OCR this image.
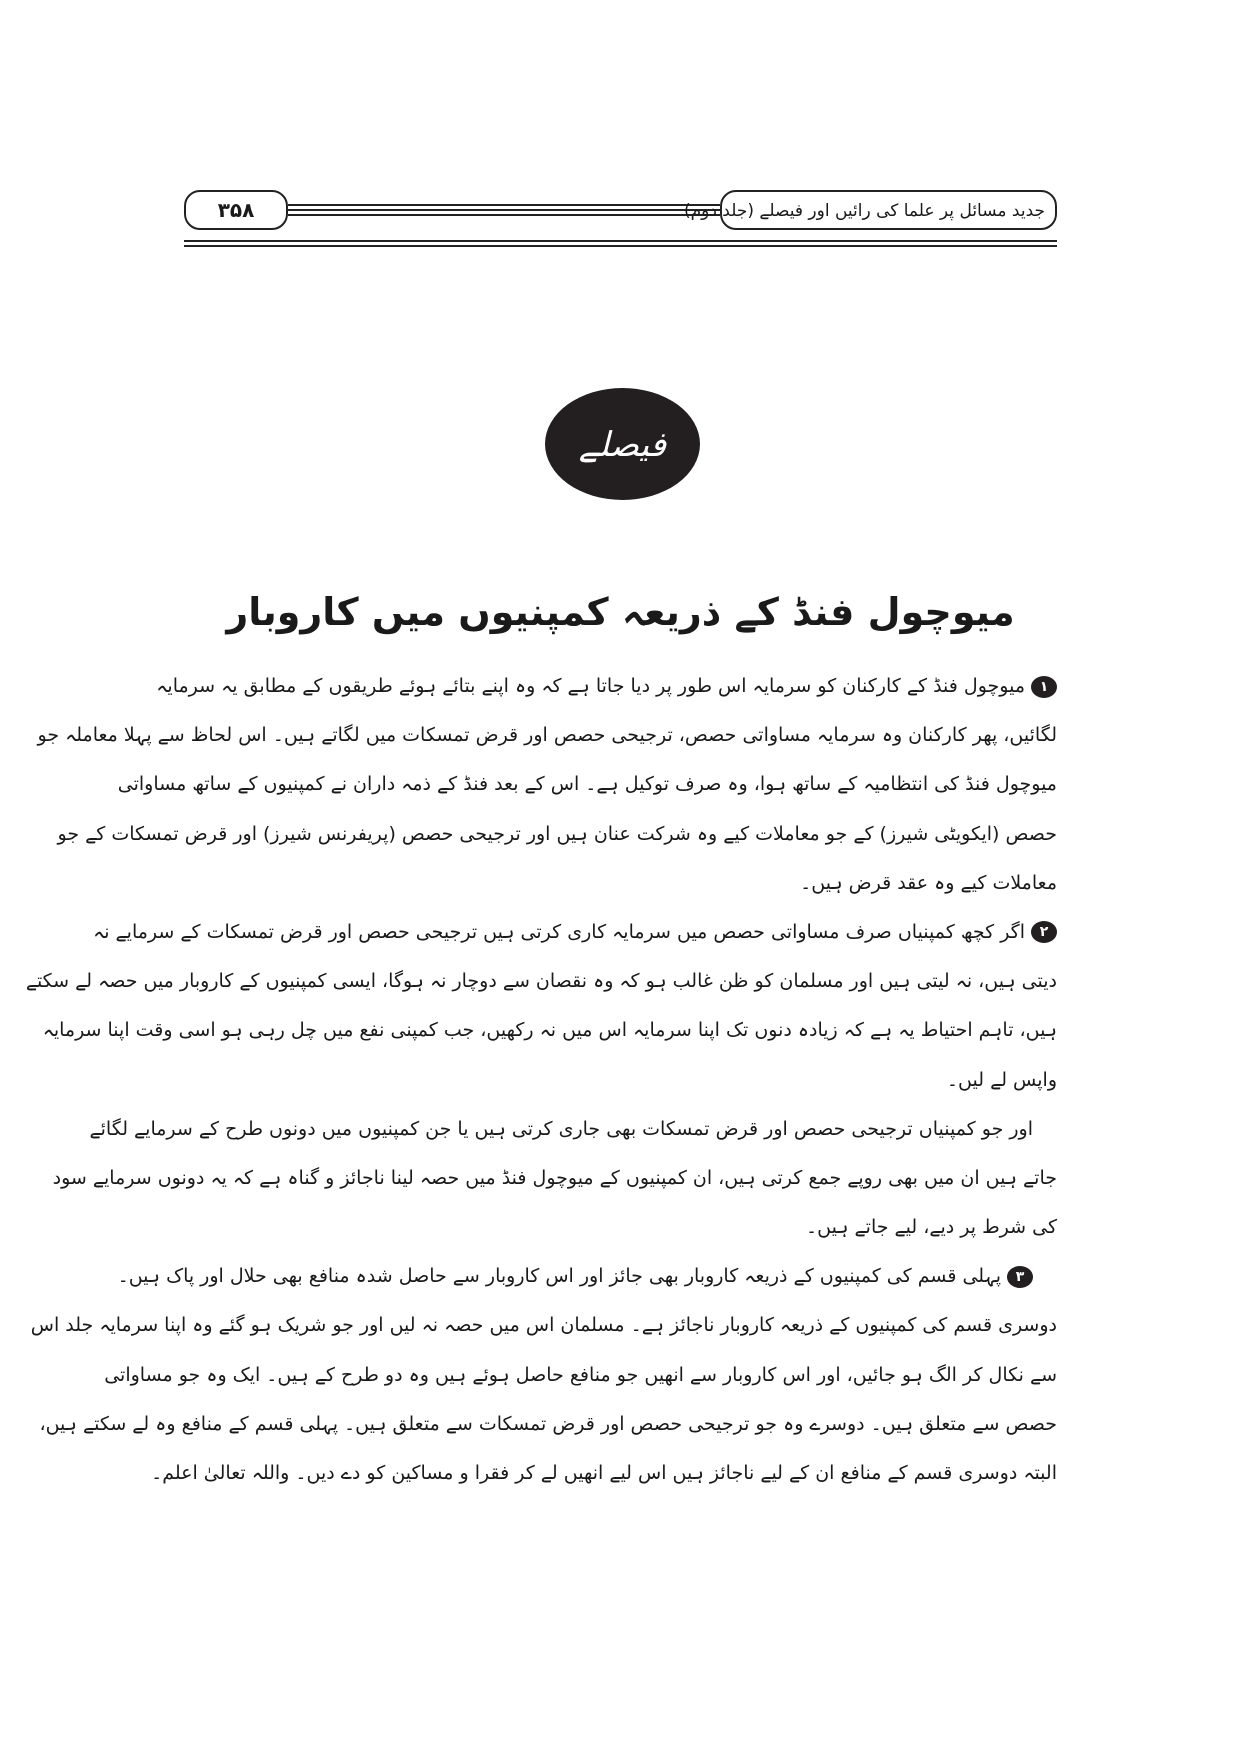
۳۵۸	جدید مسائل پر علما کی رائیں اور فیصلے (جلد دوم)
فیصلے
میوچول فنڈ کے ذریعہ کمپنیوں میں کاروبار
۱میوچول فنڈ کے کارکنان کو سرمایہ اس طور پر دیا جاتا ہے کہ وہ اپنے بتائے ہوئے طریقوں کے مطابق یہ سرمایہ
لگائیں، پھر کارکنان وہ سرمایہ مساواتی حصص، ترجیحی حصص اور قرض تمسکات میں لگاتے ہیں۔ اس لحاظ سے پہلا معاملہ جو
میوچول فنڈ کی انتظامیہ کے ساتھ ہوا، وہ صرف توکیل ہے۔ اس کے بعد فنڈ کے ذمہ داران نے کمپنیوں کے ساتھ مساواتی
حصص (ایکویٹی شیرز) کے جو معاملات کیے وہ شرکت عنان ہیں اور ترجیحی حصص (پریفرنس شیرز) اور قرض تمسکات کے جو
معاملات کیے وہ عقد قرض ہیں۔
۲اگر کچھ کمپنیاں صرف مساواتی حصص میں سرمایہ کاری کرتی ہیں ترجیحی حصص اور قرض تمسکات کے سرمایے نہ
دیتی ہیں، نہ لیتی ہیں اور مسلمان کو ظن غالب ہو کہ وہ نقصان سے دوچار نہ ہوگا، ایسی کمپنیوں کے کاروبار میں حصہ لے سکتے
ہیں، تاہم احتیاط یہ ہے کہ زیادہ دنوں تک اپنا سرمایہ اس میں نہ رکھیں، جب کمپنی نفع میں چل رہی ہو اسی وقت اپنا سرمایہ
واپس لے لیں۔
اور جو کمپنیاں ترجیحی حصص اور قرض تمسکات بھی جاری کرتی ہیں یا جن کمپنیوں میں دونوں طرح کے سرمایے لگائے
جاتے ہیں ان میں بھی روپے جمع کرتی ہیں، ان کمپنیوں کے میوچول فنڈ میں حصہ لینا ناجائز و گناہ ہے کہ یہ دونوں سرمایے سود
کی شرط پر دیے، لیے جاتے ہیں۔
۳پہلی قسم کی کمپنیوں کے ذریعہ کاروبار بھی جائز اور اس کاروبار سے حاصل شدہ منافع بھی حلال اور پاک ہیں۔
دوسری قسم کی کمپنیوں کے ذریعہ کاروبار ناجائز ہے۔ مسلمان اس میں حصہ نہ لیں اور جو شریک ہو گئے وہ اپنا سرمایہ جلد اس
سے نکال کر الگ ہو جائیں، اور اس کاروبار سے انھیں جو منافع حاصل ہوئے ہیں وہ دو طرح کے ہیں۔ ایک وہ جو مساواتی
حصص سے متعلق ہیں۔ دوسرے وہ جو ترجیحی حصص اور قرض تمسکات سے متعلق ہیں۔ پہلی قسم کے منافع وہ لے سکتے ہیں،
البتہ دوسری قسم کے منافع ان کے لیے ناجائز ہیں اس لیے انھیں لے کر فقرا و مساکین کو دے دیں۔ واللہ تعالیٰ اعلم۔
